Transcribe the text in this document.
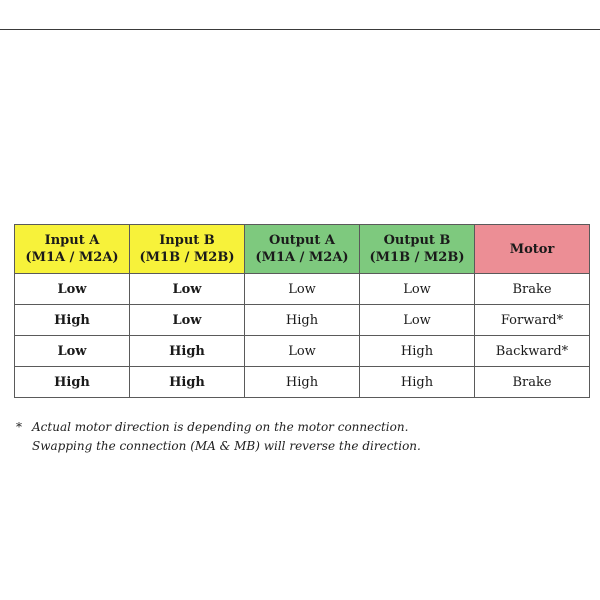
Input A
(M1A / M2A)	Input B
(M1B / M2B)	Output A
(M1A / M2A)	Output B
(M1B / M2B)	Motor
Low	Low	Low	Low	Brake
High	Low	High	Low	Forward*
Low	High	Low	High	Backward*
High	High	High	High	Brake
* Actual motor direction is depending on the motor connection.
Swapping the connection (MA & MB) will reverse the direction.
